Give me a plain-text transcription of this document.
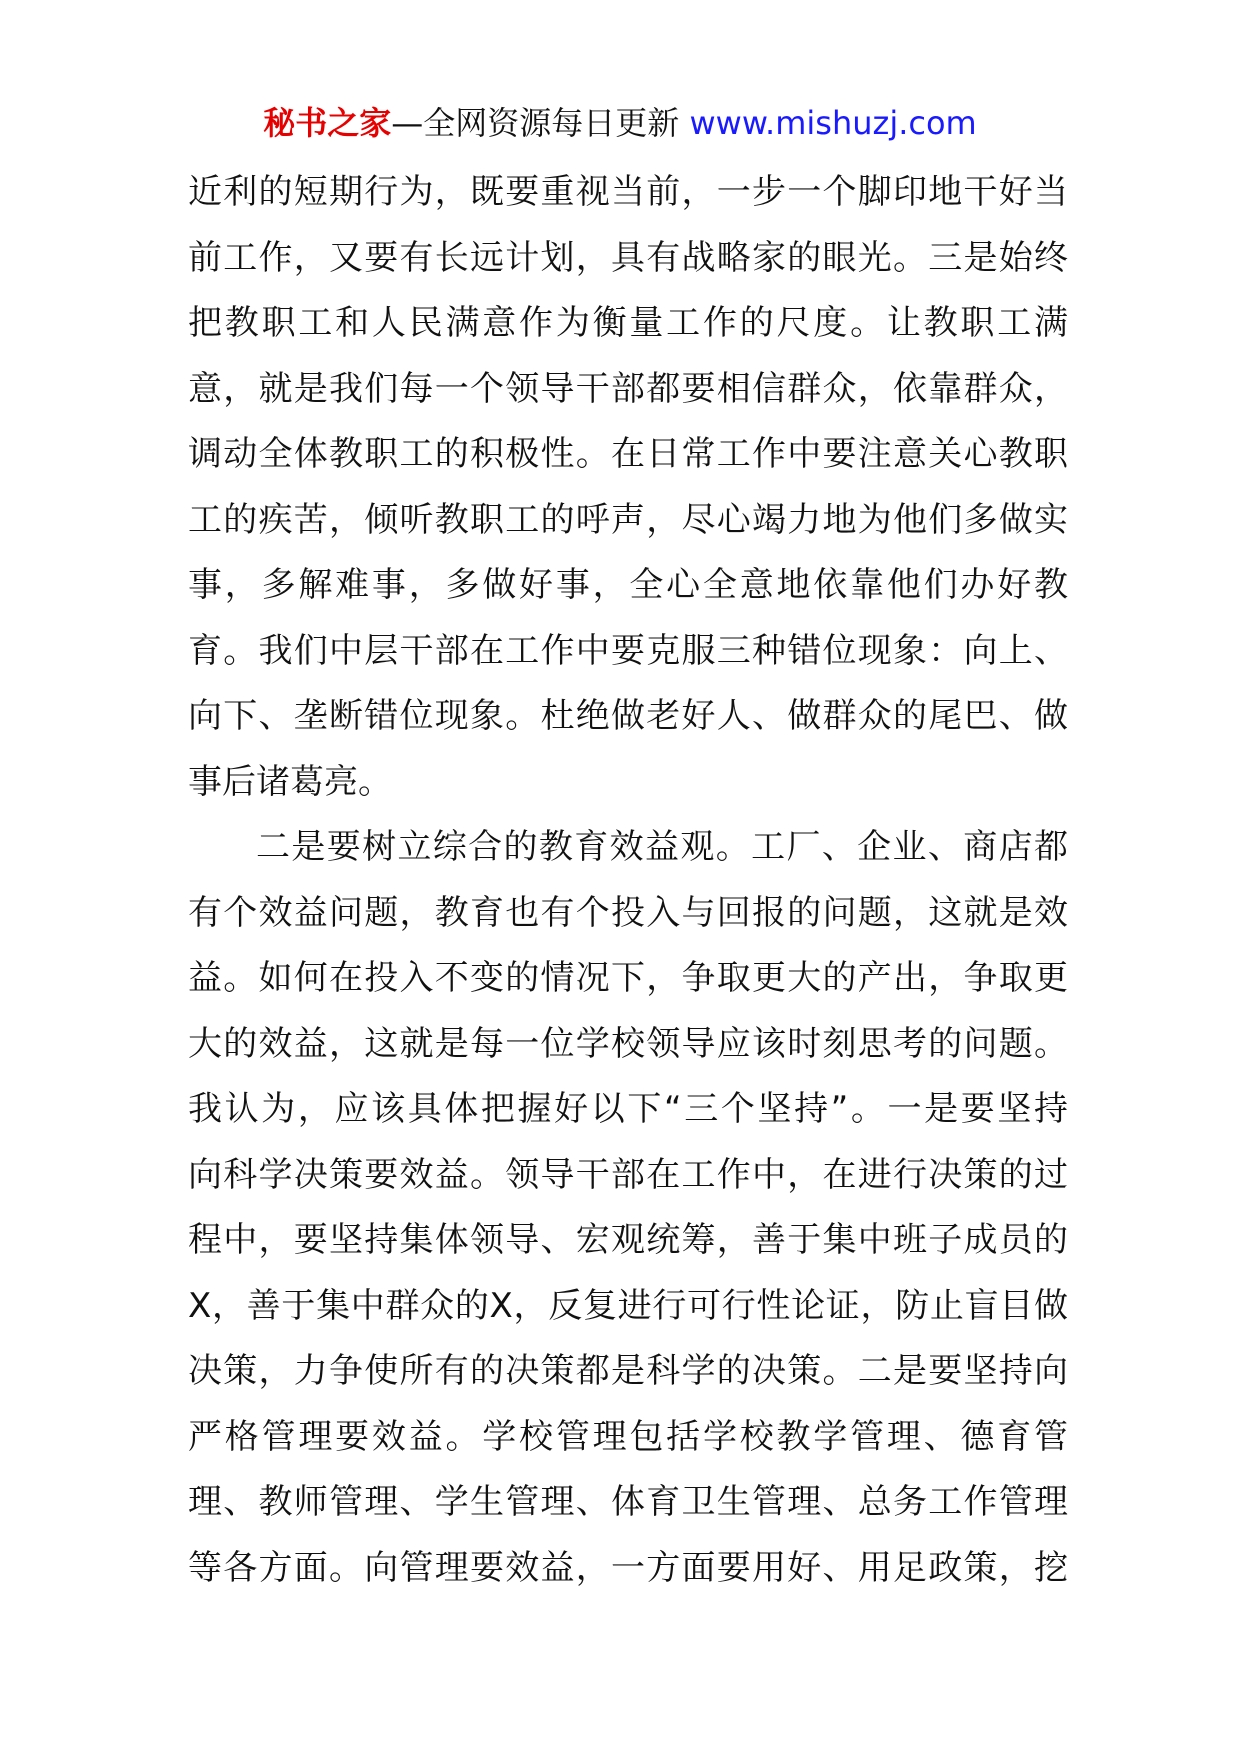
秘书之家—全网资源每日更新 www.mishuzj.com
近利的短期行为，既要重视当前，一步一个脚印地干好当
前工作，又要有长远计划，具有战略家的眼光。三是始终
把教职工和人民满意作为衡量工作的尺度。让教职工满
意，就是我们每一个领导干部都要相信群众，依靠群众，
调动全体教职工的积极性。在日常工作中要注意关心教职
工的疾苦，倾听教职工的呼声，尽心竭力地为他们多做实
事，多解难事，多做好事，全心全意地依靠他们办好教
育。我们中层干部在工作中要克服三种错位现象：向上、
向下、垄断错位现象。杜绝做老好人、做群众的尾巴、做
事后诸葛亮。
二是要树立综合的教育效益观。工厂、企业、商店都
有个效益问题，教育也有个投入与回报的问题，这就是效
益。如何在投入不变的情况下，争取更大的产出，争取更
大的效益，这就是每一位学校领导应该时刻思考的问题。
我认为，应该具体把握好以下“三个坚持”。一是要坚持
向科学决策要效益。领导干部在工作中，在进行决策的过
程中，要坚持集体领导、宏观统筹，善于集中班子成员的
X，善于集中群众的X，反复进行可行性论证，防止盲目做
决策，力争使所有的决策都是科学的决策。二是要坚持向
严格管理要效益。学校管理包括学校教学管理、德育管
理、教师管理、学生管理、体育卫生管理、总务工作管理
等各方面。向管理要效益，一方面要用好、用足政策，挖
